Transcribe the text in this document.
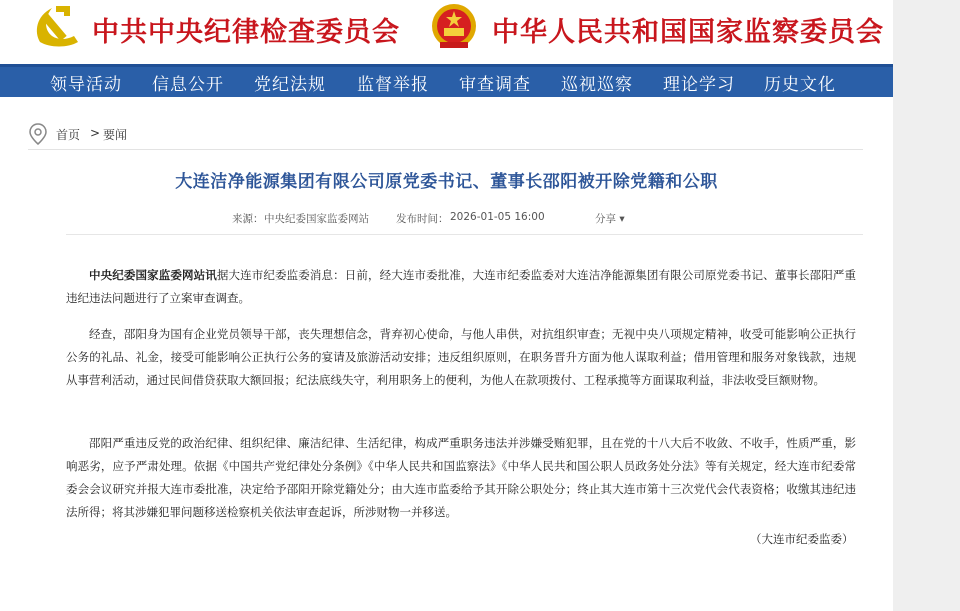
中共中央纪律检查委员会	中华人民共和国国家监察委员会
领导活动 信息公开 党纪法规 监督举报 审查调查 巡视巡察 理论学习 历史文化
首页 > 要闻
大连洁净能源集团有限公司原党委书记、董事长邵阳被开除党籍和公职
来源： 中央纪委国家监委网站	发布时间： 2026-01-05 16:00	分享 ▾

中央纪委国家监委网站讯据大连市纪委监委消息：日前，经大连市委批准，大连市纪委监委对大连洁净能源集团有限公司原党委书记、董事长邵阳严重违纪违法问题进行了立案审查调查。

经查，邵阳身为国有企业党员领导干部，丧失理想信念，背弃初心使命，与他人串供，对抗组织审查；无视中央八项规定精神，收受可能影响公正执行公务的礼品、礼金，接受可能影响公正执行公务的宴请及旅游活动安排；违反组织原则，在职务晋升方面为他人谋取利益；借用管理和服务对象钱款，违规从事营利活动，通过民间借贷获取大额回报；纪法底线失守，利用职务上的便利，为他人在款项拨付、工程承揽等方面谋取利益，非法收受巨额财物。

邵阳严重违反党的政治纪律、组织纪律、廉洁纪律、生活纪律，构成严重职务违法并涉嫌受贿犯罪，且在党的十八大后不收敛、不收手，性质严重，影响恶劣，应予严肃处理。依据《中国共产党纪律处分条例》《中华人民共和国监察法》《中华人民共和国公职人员政务处分法》等有关规定，经大连市纪委常委会会议研究并报大连市委批准，决定给予邵阳开除党籍处分；由大连市监委给予其开除公职处分；终止其大连市第十三次党代会代表资格；收缴其违纪违法所得；将其涉嫌犯罪问题移送检察机关依法审查起诉，所涉财物一并移送。

（大连市纪委监委）
